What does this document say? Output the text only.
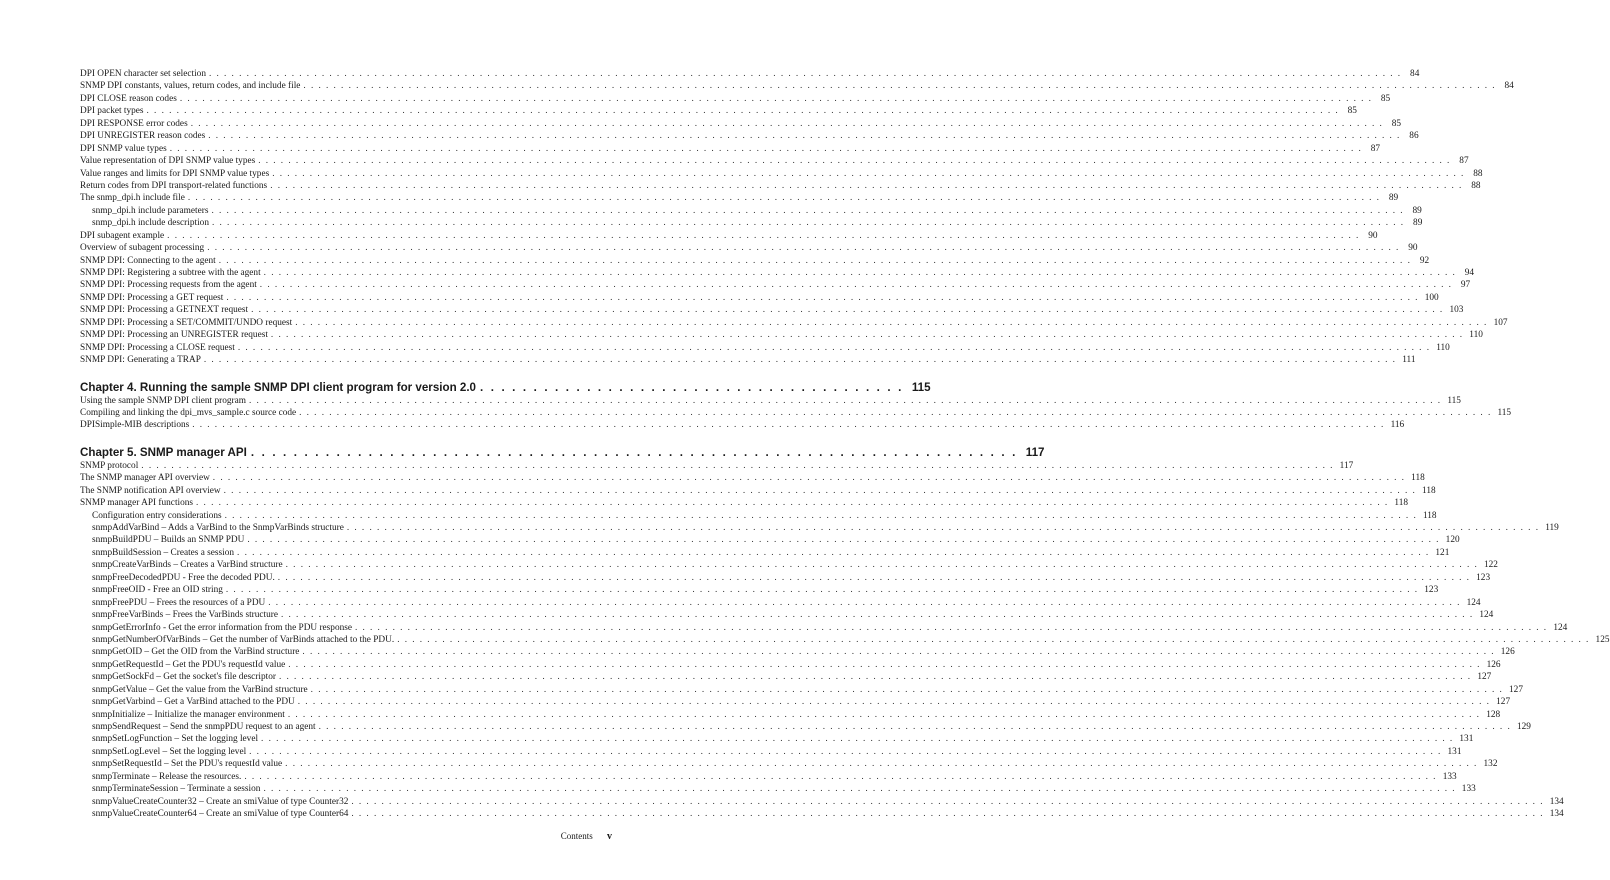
DPI OPEN character set selection ............................................................................................................................................................... 84
SNMP DPI constants, values, return codes, and include file ............................................................................................................................................................... 84
DPI CLOSE reason codes ............................................................................................................................................................... 85
DPI packet types ............................................................................................................................................................... 85
DPI RESPONSE error codes ............................................................................................................................................................... 85
DPI UNREGISTER reason codes ............................................................................................................................................................... 86
DPI SNMP value types ............................................................................................................................................................... 87
Value representation of DPI SNMP value types ............................................................................................................................................................... 87
Value ranges and limits for DPI SNMP value types ............................................................................................................................................................... 88
Return codes from DPI transport-related functions ............................................................................................................................................................... 88
The snmp_dpi.h include file ............................................................................................................................................................... 89
snmp_dpi.h include parameters ............................................................................................................................................................... 89
snmp_dpi.h include description ............................................................................................................................................................... 89
DPI subagent example ............................................................................................................................................................... 90
Overview of subagent processing ............................................................................................................................................................... 90
SNMP DPI: Connecting to the agent ............................................................................................................................................................... 92
SNMP DPI: Registering a subtree with the agent ............................................................................................................................................................... 94
SNMP DPI: Processing requests from the agent ............................................................................................................................................................... 97
SNMP DPI: Processing a GET request ............................................................................................................................................................... 100
SNMP DPI: Processing a GETNEXT request ............................................................................................................................................................... 103
SNMP DPI: Processing a SET/COMMIT/UNDO request ............................................................................................................................................................... 107
SNMP DPI: Processing an UNREGISTER request ............................................................................................................................................................... 110
SNMP DPI: Processing a CLOSE request ............................................................................................................................................................... 110
SNMP DPI: Generating a TRAP ............................................................................................................................................................... 111
Chapter 4. Running the sample SNMP DPI client program for version 2.0 ........................................ 115
Using the sample SNMP DPI client program ............................................................................................................................................................... 115
Compiling and linking the dpi_mvs_sample.c source code ............................................................................................................................................................... 115
DPISimple-MIB descriptions ............................................................................................................................................................... 116
Chapter 5. SNMP manager API ........................................................................ 117
SNMP protocol ............................................................................................................................................................... 117
The SNMP manager API overview ............................................................................................................................................................... 118
The SNMP notification API overview ............................................................................................................................................................... 118
SNMP manager API functions ............................................................................................................................................................... 118
Configuration entry considerations ............................................................................................................................................................... 118
snmpAddVarBind – Adds a VarBind to the SnmpVarBinds structure ............................................................................................................................................................... 119
snmpBuildPDU – Builds an SNMP PDU ............................................................................................................................................................... 120
snmpBuildSession – Creates a session ............................................................................................................................................................... 121
snmpCreateVarBinds – Creates a VarBind structure ............................................................................................................................................................... 122
snmpFreeDecodedPDU - Free the decoded PDU. ............................................................................................................................................................... 123
snmpFreeOID - Free an OID string ............................................................................................................................................................... 123
snmpFreePDU – Frees the resources of a PDU ............................................................................................................................................................... 124
snmpFreeVarBinds – Frees the VarBinds structure ............................................................................................................................................................... 124
snmpGetErrorInfo - Get the error information from the PDU response ............................................................................................................................................................... 124
snmpGetNumberOfVarBinds – Get the number of VarBinds attached to the PDU. ............................................................................................................................................................... 125
snmpGetOID – Get the OID from the VarBind structure ............................................................................................................................................................... 126
snmpGetRequestId – Get the PDU's requestId value ............................................................................................................................................................... 126
snmpGetSockFd – Get the socket's file descriptor ............................................................................................................................................................... 127
snmpGetValue – Get the value from the VarBind structure ............................................................................................................................................................... 127
snmpGetVarbind – Get a VarBind attached to the PDU ............................................................................................................................................................... 127
snmpInitialize – Initialize the manager environment ............................................................................................................................................................... 128
snmpSendRequest – Send the snmpPDU request to an agent ............................................................................................................................................................... 129
snmpSetLogFunction – Set the logging level ............................................................................................................................................................... 131
snmpSetLogLevel – Set the logging level ............................................................................................................................................................... 131
snmpSetRequestId – Set the PDU's requestId value ............................................................................................................................................................... 132
snmpTerminate – Release the resources. ............................................................................................................................................................... 133
snmpTerminateSession – Terminate a session ............................................................................................................................................................... 133
snmpValueCreateCounter32 – Create an smiValue of type Counter32 ............................................................................................................................................................... 134
snmpValueCreateCounter64 – Create an smiValue of type Counter64 ............................................................................................................................................................... 134
Contents v
